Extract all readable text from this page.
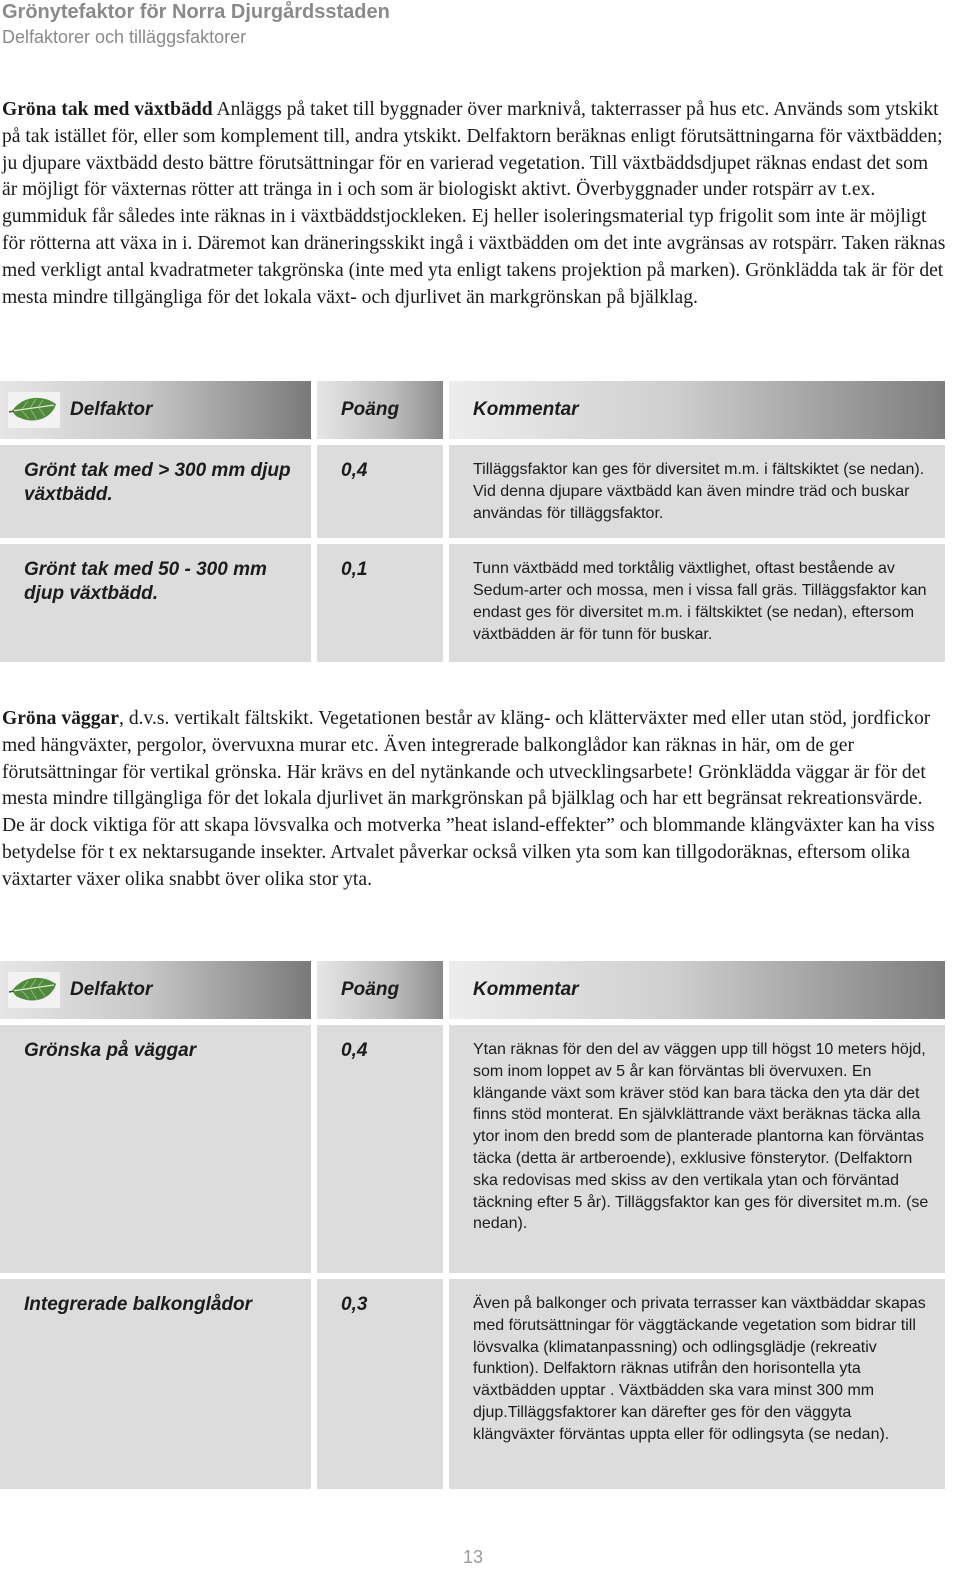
Grönytefaktor för Norra Djurgårdsstaden
Delfaktorer och tilläggsfaktorer
Gröna tak med växtbädd Anläggs på taket till byggnader över marknivå, takterrasser på hus etc. Används som ytskikt på tak istället för, eller som komplement till, andra ytskikt. Delfaktorn beräknas enligt förutsättningarna för växtbädden; ju djupare växtbädd desto bättre förutsättningar för en varierad vegetation. Till växtbäddsdjupet räknas endast det som är möjligt för växternas rötter att tränga in i och som är biologiskt aktivt. Överbyggnader under rotspärr av t.ex. gummiduk får således inte räknas in i växtbäddstjockleken. Ej heller isoleringsmaterial typ frigolit som inte är möjligt för rötterna att växa in i. Däremot kan dräneringsskikt ingå i växtbädden om det inte avgränsas av rotspärr. Taken räknas med verkligt antal kvadratmeter takgrönska (inte med yta enligt takens projektion på marken). Grönklädda tak är för det mesta mindre tillgängliga för det lokala växt- och djurlivet än markgrönskan på bjälklag.
Delfaktor	Poäng	Kommentar
Grönt tak med > 300 mm djup växtbädd.	0,4	Tilläggsfaktor kan ges för diversitet m.m. i fältskiktet (se nedan). Vid denna djupare växtbädd kan även mindre träd och buskar användas för tilläggsfaktor.
Grönt tak med 50 - 300 mm djup växtbädd.	0,1	Tunn växtbädd med torktålig växtlighet, oftast bestående av Sedum-arter och mossa, men i vissa fall gräs. Tilläggsfaktor kan endast ges för diversitet m.m. i fältskiktet (se nedan), eftersom växtbädden är för tunn för buskar.
Gröna väggar, d.v.s. vertikalt fältskikt. Vegetationen består av kläng- och klätterväxter med eller utan stöd, jordfickor med hängväxter, pergolor, övervuxna murar etc. Även integrerade balkonglådor kan räknas in här, om de ger förutsättningar för vertikal grönska. Här krävs en del nytänkande och utvecklingsarbete! Grönklädda väggar är för det mesta mindre tillgängliga för det lokala djurlivet än markgrönskan på bjälklag och har ett begränsat rekreationsvärde. De är dock viktiga för att skapa lövsvalka och motverka ”heat island-effekter” och blommande klängväxter kan ha viss betydelse för t ex nektarsugande insekter. Artvalet påverkar också vilken yta som kan tillgodoräknas, eftersom olika växtarter växer olika snabbt över olika stor yta.
Delfaktor	Poäng	Kommentar
Grönska på väggar	0,4	Ytan räknas för den del av väggen upp till högst 10 meters höjd, som inom loppet av 5 år kan förväntas bli övervuxen. En klängande växt som kräver stöd kan bara täcka den yta där det finns stöd monterat. En självklättrande växt beräknas täcka alla ytor inom den bredd som de planterade plantorna kan förväntas täcka (detta är artberoende), exklusive fönsterytor. (Delfaktorn ska redovisas med skiss av den vertikala ytan och förväntad täckning efter 5 år). Tilläggsfaktor kan ges för diversitet m.m. (se nedan).
Integrerade balkonglådor	0,3	Även på balkonger och privata terrasser kan växtbäddar skapas med förutsättningar för väggtäckande vegetation som bidrar till lövsvalka (klimatanpassning) och odlingsglädje (rekreativ funktion). Delfaktorn räknas utifrån den horisontella yta växtbädden upptar . Växtbädden ska vara minst 300 mm djup.Tilläggsfaktorer kan därefter ges för den väggyta klängväxter förväntas uppta eller för odlingsyta (se nedan).
13
